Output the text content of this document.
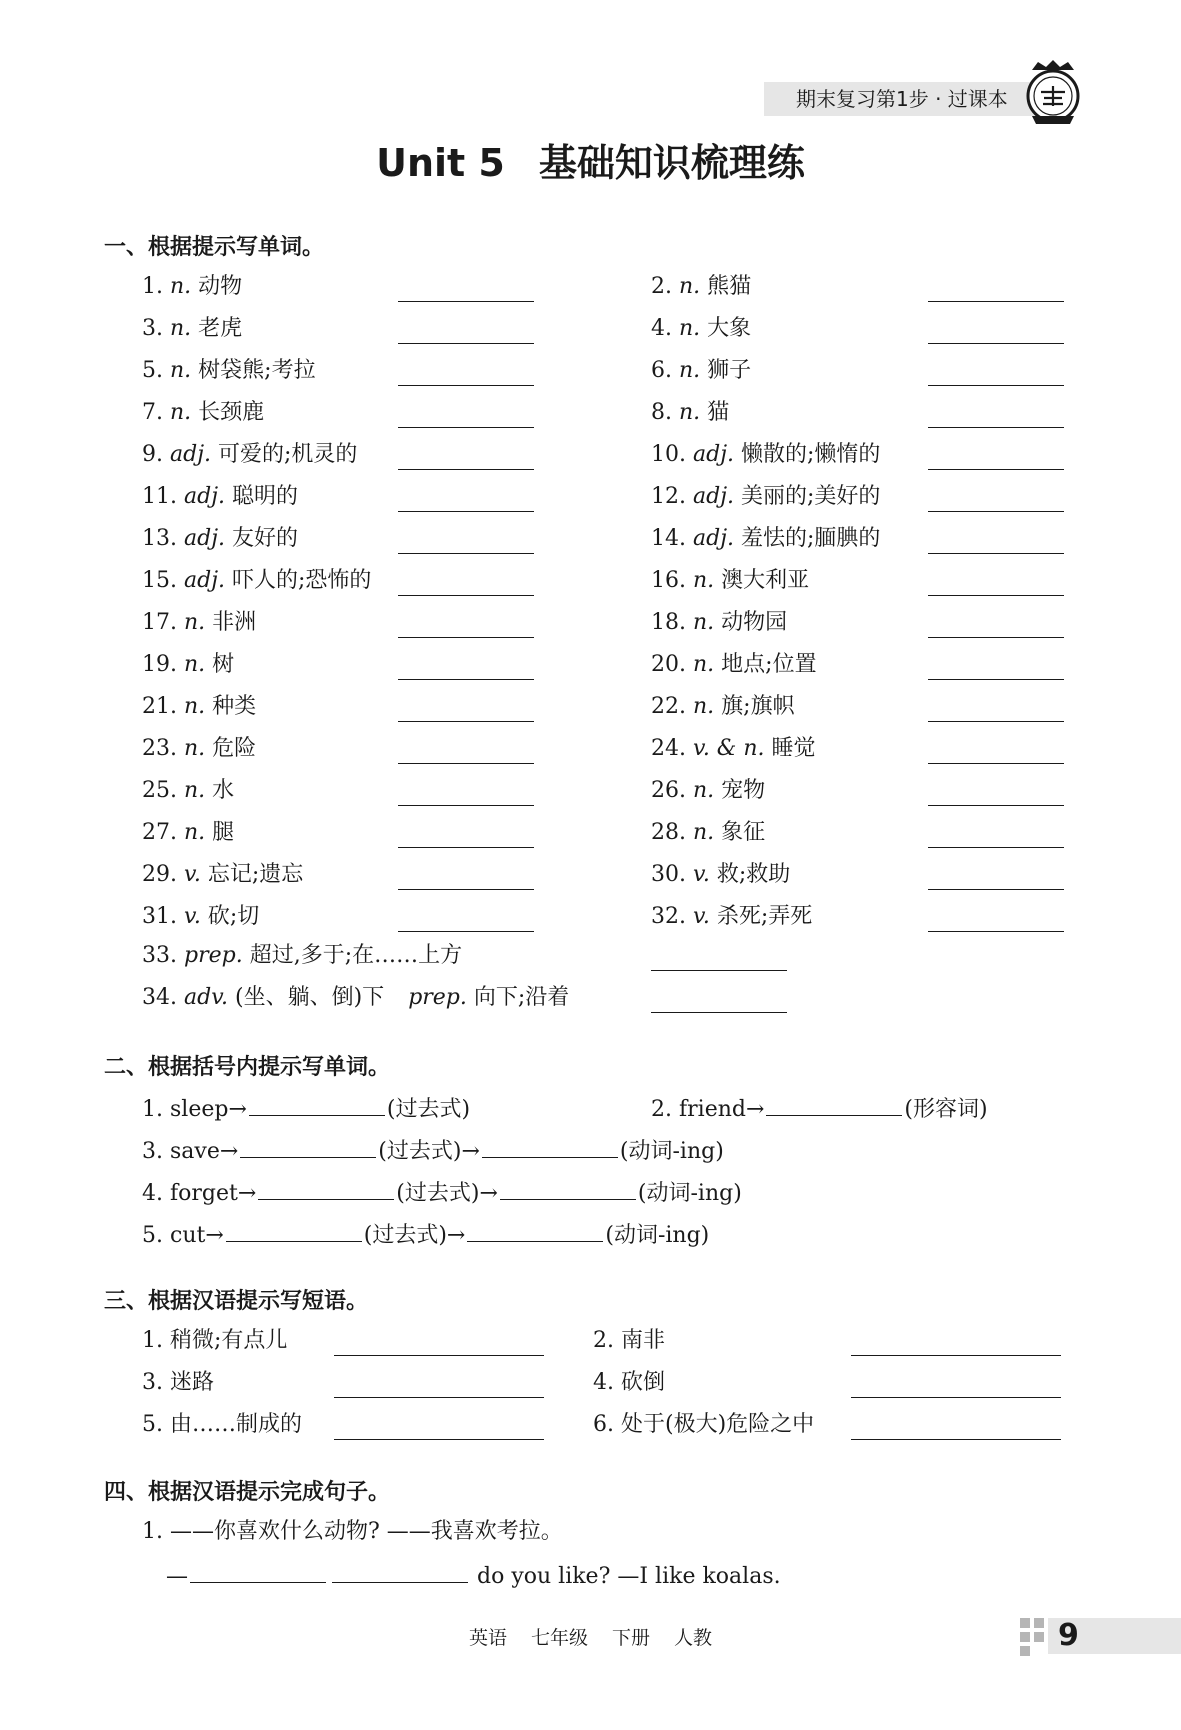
期末复习第1步 · 过课本
Unit 5 基础知识梳理练
一、根据提示写单词。
1. n. 动物	2. n. 熊猫
3. n. 老虎	4. n. 大象
5. n. 树袋熊;考拉	6. n. 狮子
7. n. 长颈鹿	8. n. 猫
9. adj. 可爱的;机灵的	10. adj. 懒散的;懒惰的
11. adj. 聪明的	12. adj. 美丽的;美好的
13. adj. 友好的	14. adj. 羞怯的;腼腆的
15. adj. 吓人的;恐怖的	16. n. 澳大利亚
17. n. 非洲	18. n. 动物园
19. n. 树	20. n. 地点;位置
21. n. 种类	22. n. 旗;旗帜
23. n. 危险	24. v. & n. 睡觉
25. n. 水	26. n. 宠物
27. n. 腿	28. n. 象征
29. v. 忘记;遗忘	30. v. 救;救助
31. v. 砍;切	32. v. 杀死;弄死
33. prep. 超过,多于;在……上方
34. adv. (坐、躺、倒)下 prep. 向下;沿着
二、根据括号内提示写单词。
1. sleep→	(过去式)	2. friend→	(形容词)
3. save→	(过去式)→	(动词-ing)
4. forget→	(过去式)→	(动词-ing)
5. cut→	(过去式)→	(动词-ing)
三、根据汉语提示写短语。
1. 稍微;有点儿	2. 南非
3. 迷路	4. 砍倒
5. 由……制成的	6. 处于(极大)危险之中
四、根据汉语提示完成句子。
1. ——你喜欢什么动物? ——我喜欢考拉。
—	do you like? —I like koalas.
英语 七年级 下册 人教	9
